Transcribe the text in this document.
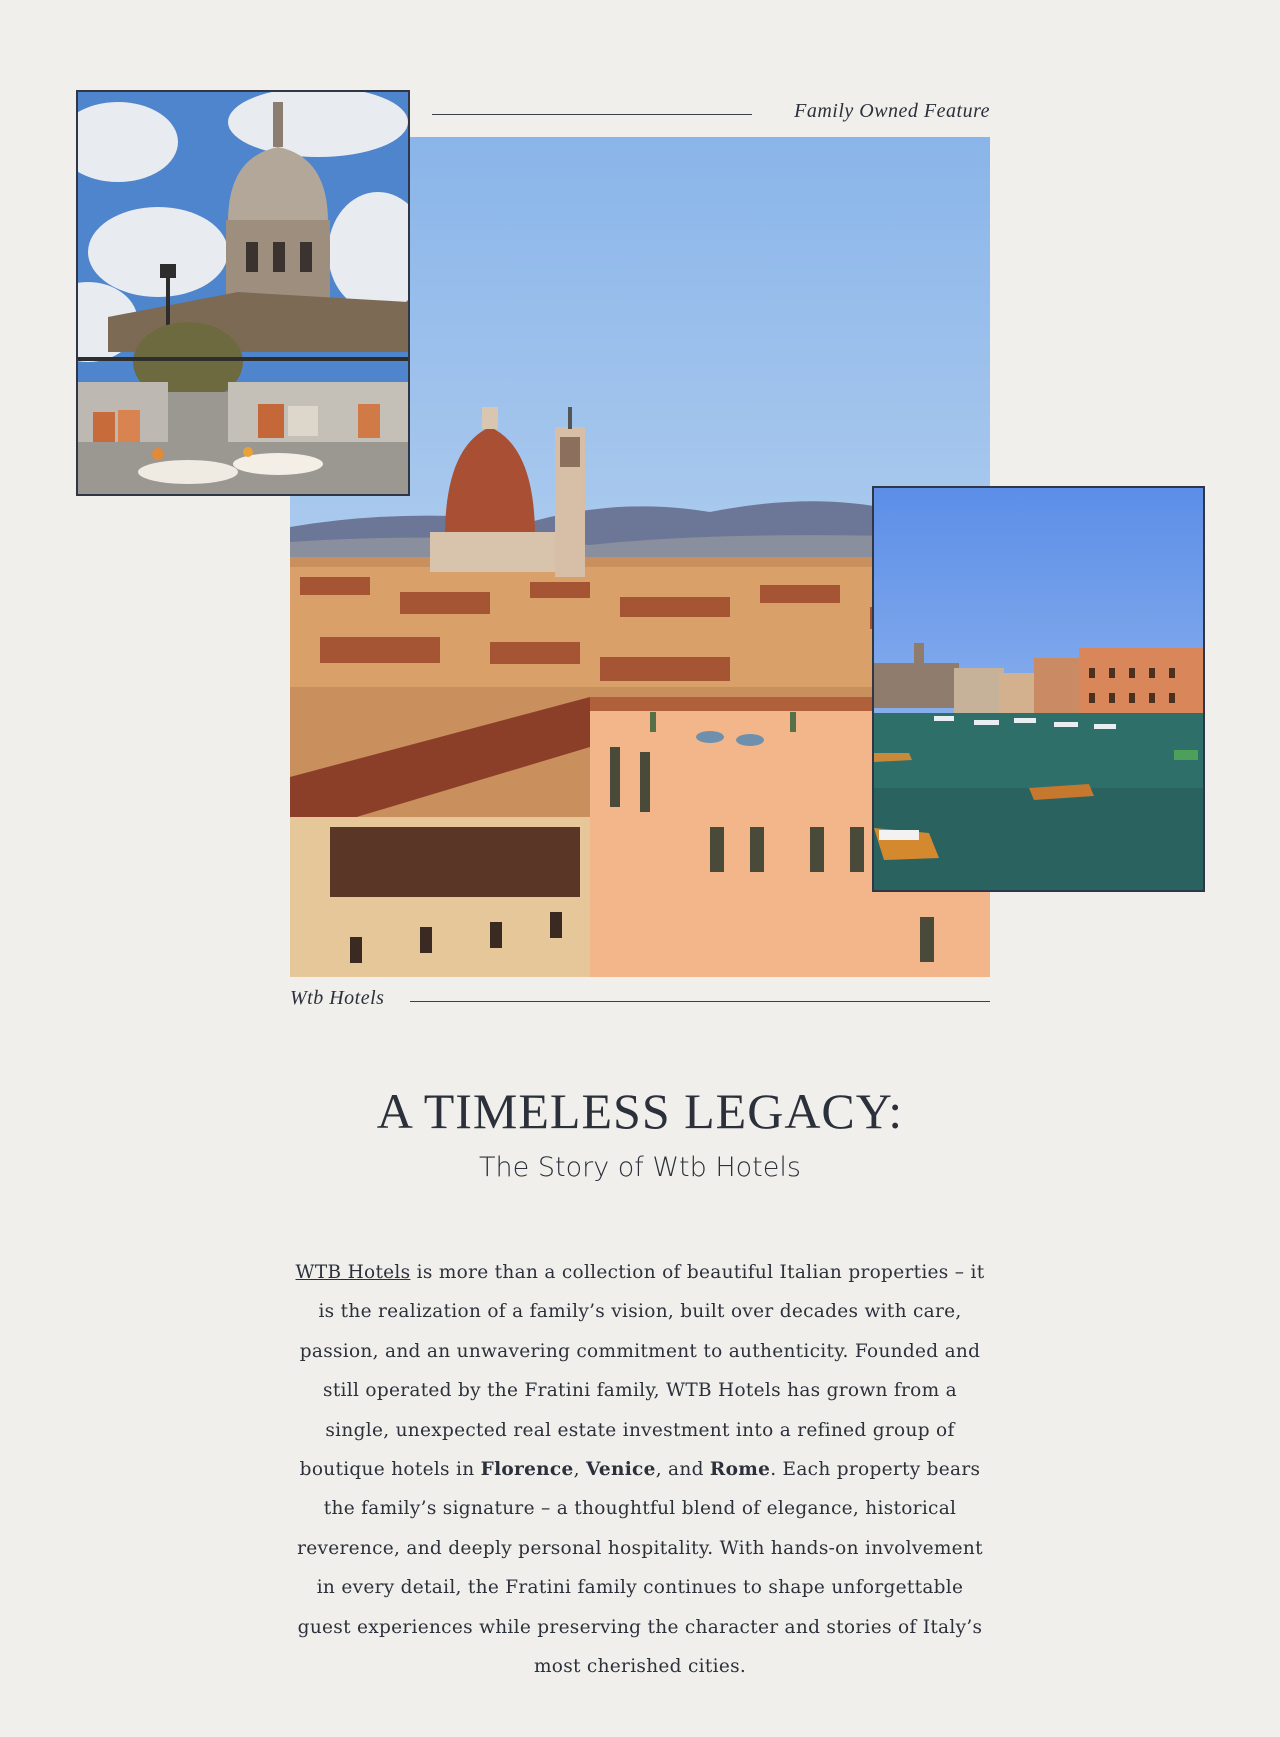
Family Owned Feature
Wtb Hotels
A TIMELESS LEGACY:
The Story of Wtb Hotels

WTB Hotels is more than a collection of beautiful Italian properties – it is the realization of a family’s vision, built over decades with care, passion, and an unwavering commitment to authenticity. Founded and still operated by the Fratini family, WTB Hotels has grown from a single, unexpected real estate investment into a refined group of boutique hotels in Florence, Venice, and Rome. Each property bears the family’s signature – a thoughtful blend of elegance, historical reverence, and deeply personal hospitality. With hands-on involvement in every detail, the Fratini family continues to shape unforgettable guest experiences while preserving the character and stories of Italy’s most cherished cities.
